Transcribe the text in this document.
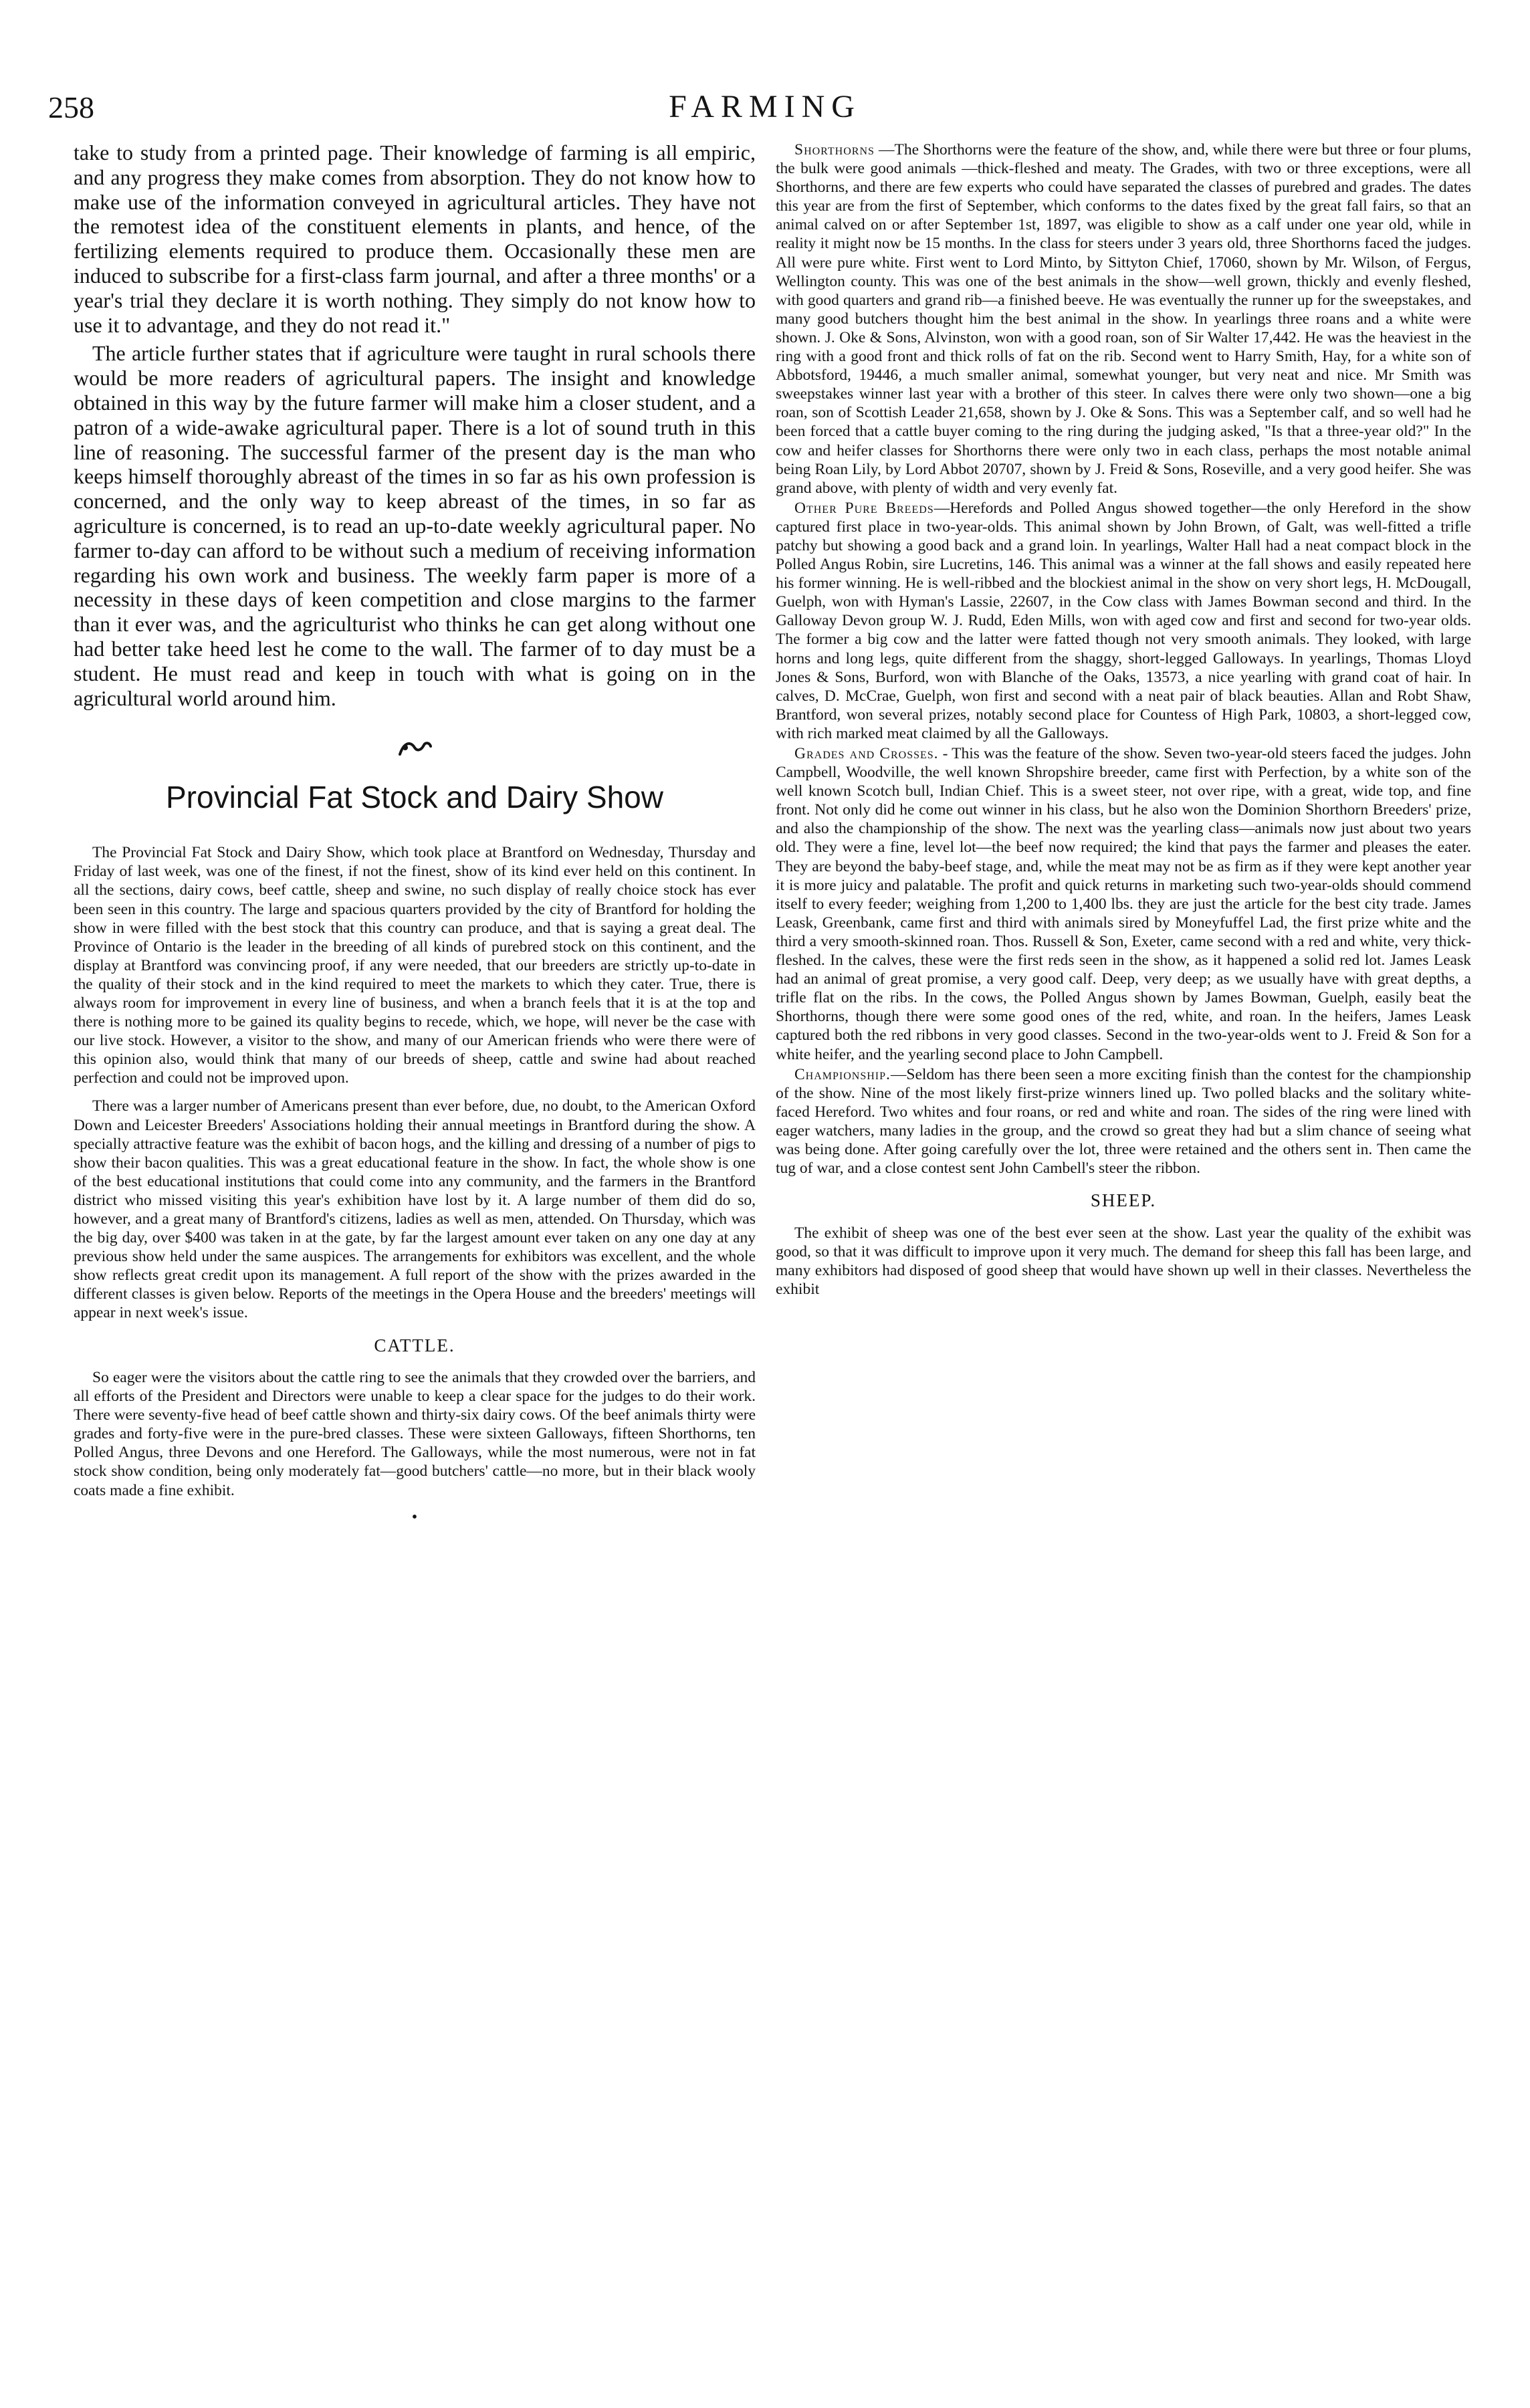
258	FARMING

take to study from a printed page. Their knowledge of farming is all empiric, and any progress they make comes from absorption. They do not know how to make use of the information conveyed in agricultural articles. They have not the remotest idea of the constituent elements in plants, and hence, of the fertilizing elements required to produce them. Occasionally these men are induced to subscribe for a first-class farm journal, and after a three months' or a year's trial they declare it is worth nothing. They simply do not know how to use it to advantage, and they do not read it."

The article further states that if agriculture were taught in rural schools there would be more readers of agricultural papers. The insight and knowledge obtained in this way by the future farmer will make him a closer student, and a patron of a wide-awake agricultural paper. There is a lot of sound truth in this line of reasoning. The successful farmer of the present day is the man who keeps himself thoroughly abreast of the times in so far as his own profession is concerned, and the only way to keep abreast of the times, in so far as agriculture is concerned, is to read an up-to-date weekly agricultural paper. No farmer to-day can afford to be without such a medium of receiving information regarding his own work and business. The weekly farm paper is more of a necessity in these days of keen competition and close margins to the farmer than it ever was, and the agriculturist who thinks he can get along without one had better take heed lest he come to the wall. The farmer of to day must be a student. He must read and keep in touch with what is going on in the agricultural world around him.

Provincial Fat Stock and Dairy Show

The Provincial Fat Stock and Dairy Show, which took place at Brantford on Wednesday, Thursday and Friday of last week, was one of the finest, if not the finest, show of its kind ever held on this continent. In all the sections, dairy cows, beef cattle, sheep and swine, no such display of really choice stock has ever been seen in this country. The large and spacious quarters provided by the city of Brantford for holding the show in were filled with the best stock that this country can produce, and that is saying a great deal. The Province of Ontario is the leader in the breeding of all kinds of purebred stock on this continent, and the display at Brantford was convincing proof, if any were needed, that our breeders are strictly up-to-date in the quality of their stock and in the kind required to meet the markets to which they cater. True, there is always room for improvement in every line of business, and when a branch feels that it is at the top and there is nothing more to be gained its quality begins to recede, which, we hope, will never be the case with our live stock. However, a visitor to the show, and many of our American friends who were there were of this opinion also, would think that many of our breeds of sheep, cattle and swine had about reached perfection and could not be improved upon.

There was a larger number of Americans present than ever before, due, no doubt, to the American Oxford Down and Leicester Breeders' Associations holding their annual meetings in Brantford during the show. A specially attractive feature was the exhibit of bacon hogs, and the killing and dressing of a number of pigs to show their bacon qualities. This was a great educational feature in the show. In fact, the whole show is one of the best educational institutions that could come into any community, and the farmers in the Brantford district who missed visiting this year's exhibition have lost by it. A large number of them did do so, however, and a great many of Brantford's citizens, ladies as well as men, attended. On Thursday, which was the big day, over $400 was taken in at the gate, by far the largest amount ever taken on any one day at any previous show held under the same auspices. The arrangements for exhibitors was excellent, and the whole show reflects great credit upon its management. A full report of the show with the prizes awarded in the different classes is given below. Reports of the meetings in the Opera House and the breeders' meetings will appear in next week's issue.

CATTLE.

So eager were the visitors about the cattle ring to see the animals that they crowded over the barriers, and all efforts of the President and Directors were unable to keep a clear space for the judges to do their work. There were seventy-five head of beef cattle shown and thirty-six dairy cows. Of the beef animals thirty were grades and forty-five were in the pure-bred classes. These were sixteen Galloways, fifteen Shorthorns, ten Polled Angus, three Devons and one Hereford. The Galloways, while the most numerous, were not in fat stock show condition, being only moderately fat—good butchers' cattle—no more, but in their black wooly coats made a fine exhibit.

•

Shorthorns —The Shorthorns were the feature of the show, and, while there were but three or four plums, the bulk were good animals —thick-fleshed and meaty. The Grades, with two or three exceptions, were all Shorthorns, and there are few experts who could have separated the classes of purebred and grades. The dates this year are from the first of September, which conforms to the dates fixed by the great fall fairs, so that an animal calved on or after September 1st, 1897, was eligible to show as a calf under one year old, while in reality it might now be 15 months. In the class for steers under 3 years old, three Shorthorns faced the judges. All were pure white. First went to Lord Minto, by Sittyton Chief, 17060, shown by Mr. Wilson, of Fergus, Wellington county. This was one of the best animals in the show—well grown, thickly and evenly fleshed, with good quarters and grand rib—a finished beeve. He was eventually the runner up for the sweepstakes, and many good butchers thought him the best animal in the show. In yearlings three roans and a white were shown. J. Oke & Sons, Alvinston, won with a good roan, son of Sir Walter 17,442. He was the heaviest in the ring with a good front and thick rolls of fat on the rib. Second went to Harry Smith, Hay, for a white son of Abbotsford, 19446, a much smaller animal, somewhat younger, but very neat and nice. Mr Smith was sweepstakes winner last year with a brother of this steer. In calves there were only two shown—one a big roan, son of Scottish Leader 21,658, shown by J. Oke & Sons. This was a September calf, and so well had he been forced that a cattle buyer coming to the ring during the judging asked, "Is that a three-year old?" In the cow and heifer classes for Shorthorns there were only two in each class, perhaps the most notable animal being Roan Lily, by Lord Abbot 20707, shown by J. Freid & Sons, Roseville, and a very good heifer. She was grand above, with plenty of width and very evenly fat.

Other Pure Breeds—Herefords and Polled Angus showed together—the only Hereford in the show captured first place in two-year-olds. This animal shown by John Brown, of Galt, was well-fitted a trifle patchy but showing a good back and a grand loin. In yearlings, Walter Hall had a neat compact block in the Polled Angus Robin, sire Lucretins, 146. This animal was a winner at the fall shows and easily repeated here his former winning. He is well-ribbed and the blockiest animal in the show on very short legs, H. McDougall, Guelph, won with Hyman's Lassie, 22607, in the Cow class with James Bowman second and third. In the Galloway Devon group W. J. Rudd, Eden Mills, won with aged cow and first and second for two-year olds. The former a big cow and the latter were fatted though not very smooth animals. They looked, with large horns and long legs, quite different from the shaggy, short-legged Galloways. In yearlings, Thomas Lloyd Jones & Sons, Burford, won with Blanche of the Oaks, 13573, a nice yearling with grand coat of hair. In calves, D. McCrae, Guelph, won first and second with a neat pair of black beauties. Allan and Robt Shaw, Brantford, won several prizes, notably second place for Countess of High Park, 10803, a short-legged cow, with rich marked meat claimed by all the Galloways.

Grades and Crosses. - This was the feature of the show. Seven two-year-old steers faced the judges. John Campbell, Woodville, the well known Shropshire breeder, came first with Perfection, by a white son of the well known Scotch bull, Indian Chief. This is a sweet steer, not over ripe, with a great, wide top, and fine front. Not only did he come out winner in his class, but he also won the Dominion Shorthorn Breeders' prize, and also the championship of the show. The next was the yearling class—animals now just about two years old. They were a fine, level lot—the beef now required; the kind that pays the farmer and pleases the eater. They are beyond the baby-beef stage, and, while the meat may not be as firm as if they were kept another year it is more juicy and palatable. The profit and quick returns in marketing such two-year-olds should commend itself to every feeder; weighing from 1,200 to 1,400 lbs. they are just the article for the best city trade. James Leask, Greenbank, came first and third with animals sired by Moneyfuffel Lad, the first prize white and the third a very smooth-skinned roan. Thos. Russell & Son, Exeter, came second with a red and white, very thick-fleshed. In the calves, these were the first reds seen in the show, as it happened a solid red lot. James Leask had an animal of great promise, a very good calf. Deep, very deep; as we usually have with great depths, a trifle flat on the ribs. In the cows, the Polled Angus shown by James Bowman, Guelph, easily beat the Shorthorns, though there were some good ones of the red, white, and roan. In the heifers, James Leask captured both the red ribbons in very good classes. Second in the two-year-olds went to J. Freid & Son for a white heifer, and the yearling second place to John Campbell.

Championship.—Seldom has there been seen a more exciting finish than the contest for the championship of the show. Nine of the most likely first-prize winners lined up. Two polled blacks and the solitary white-faced Hereford. Two whites and four roans, or red and white and roan. The sides of the ring were lined with eager watchers, many ladies in the group, and the crowd so great they had but a slim chance of seeing what was being done. After going carefully over the lot, three were retained and the others sent in. Then came the tug of war, and a close contest sent John Cambell's steer the ribbon.

SHEEP.

The exhibit of sheep was one of the best ever seen at the show. Last year the quality of the exhibit was good, so that it was difficult to improve upon it very much. The demand for sheep this fall has been large, and many exhibitors had disposed of good sheep that would have shown up well in their classes. Nevertheless the exhibit
